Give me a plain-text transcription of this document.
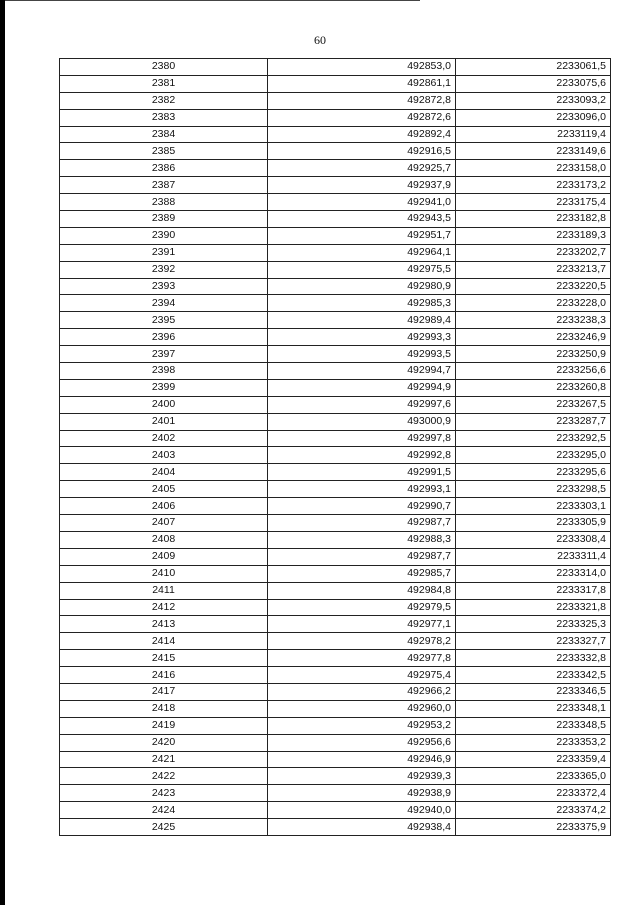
60
2380	492853,0	2233061,5
2381	492861,1	2233075,6
2382	492872,8	2233093,2
2383	492872,6	2233096,0
2384	492892,4	2233119,4
2385	492916,5	2233149,6
2386	492925,7	2233158,0
2387	492937,9	2233173,2
2388	492941,0	2233175,4
2389	492943,5	2233182,8
2390	492951,7	2233189,3
2391	492964,1	2233202,7
2392	492975,5	2233213,7
2393	492980,9	2233220,5
2394	492985,3	2233228,0
2395	492989,4	2233238,3
2396	492993,3	2233246,9
2397	492993,5	2233250,9
2398	492994,7	2233256,6
2399	492994,9	2233260,8
2400	492997,6	2233267,5
2401	493000,9	2233287,7
2402	492997,8	2233292,5
2403	492992,8	2233295,0
2404	492991,5	2233295,6
2405	492993,1	2233298,5
2406	492990,7	2233303,1
2407	492987,7	2233305,9
2408	492988,3	2233308,4
2409	492987,7	2233311,4
2410	492985,7	2233314,0
2411	492984,8	2233317,8
2412	492979,5	2233321,8
2413	492977,1	2233325,3
2414	492978,2	2233327,7
2415	492977,8	2233332,8
2416	492975,4	2233342,5
2417	492966,2	2233346,5
2418	492960,0	2233348,1
2419	492953,2	2233348,5
2420	492956,6	2233353,2
2421	492946,9	2233359,4
2422	492939,3	2233365,0
2423	492938,9	2233372,4
2424	492940,0	2233374,2
2425	492938,4	2233375,9
